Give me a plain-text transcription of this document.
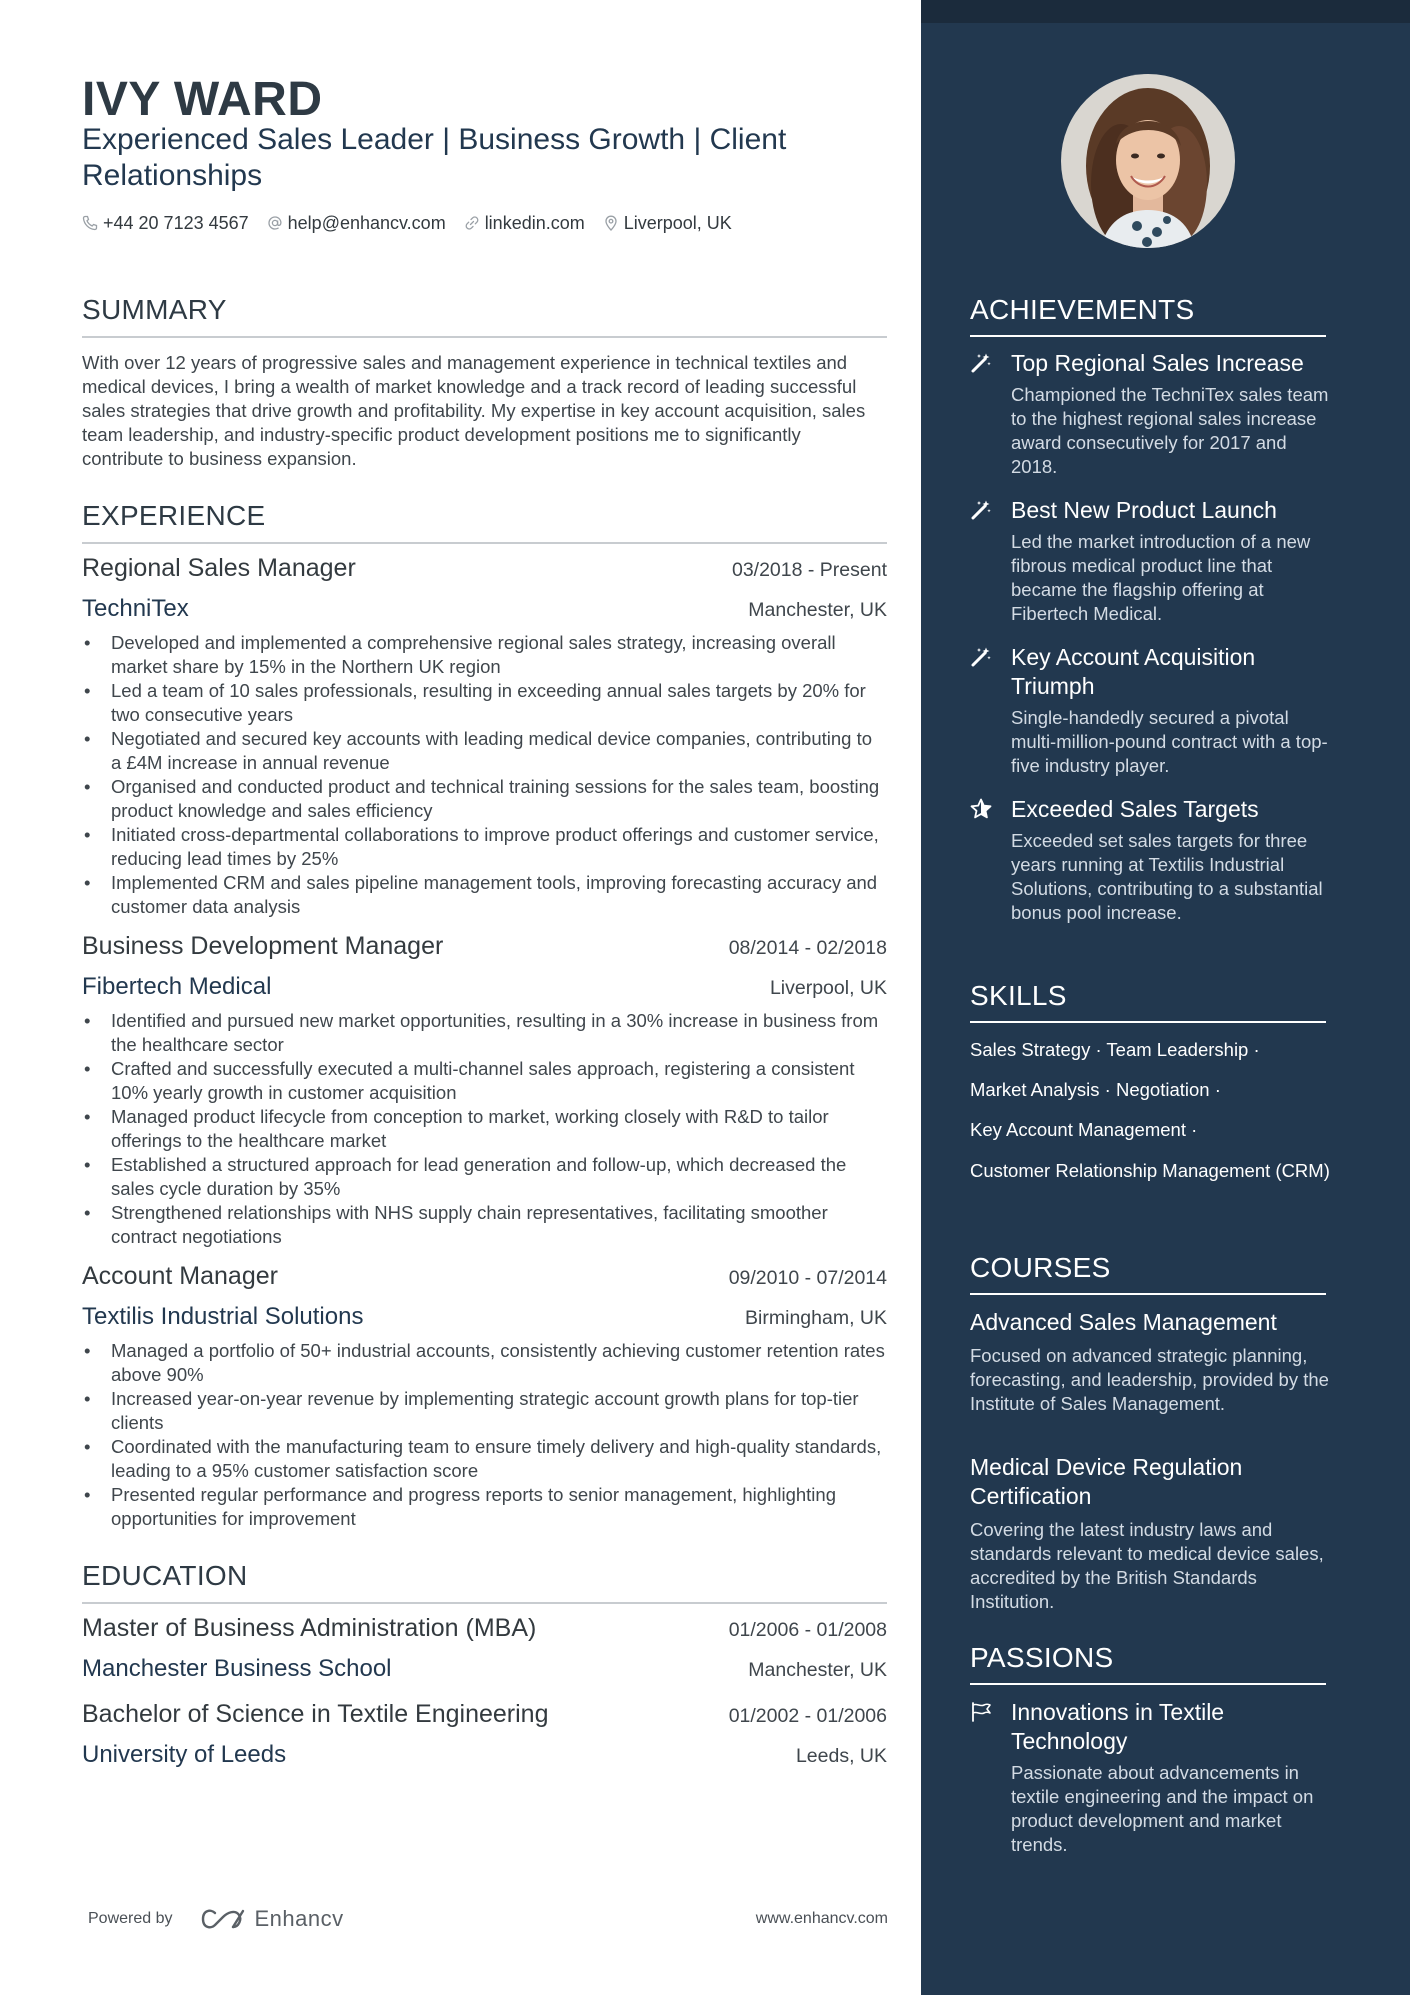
IVY WARD
Experienced Sales Leader | Business Growth | Client Relationships
+44 20 7123 4567 help@enhancv.com linkedin.com Liverpool, UK
SUMMARY
With over 12 years of progressive sales and management experience in technical textiles and medical devices, I bring a wealth of market knowledge and a track record of leading successful sales strategies that drive growth and profitability. My expertise in key account acquisition, sales team leadership, and industry-specific product development positions me to significantly contribute to business expansion.
EXPERIENCE
Regional Sales Manager	03/2018 - Present
TechniTex	Manchester, UK
• Developed and implemented a comprehensive regional sales strategy, increasing overall market share by 15% in the Northern UK region
• Led a team of 10 sales professionals, resulting in exceeding annual sales targets by 20% for two consecutive years
• Negotiated and secured key accounts with leading medical device companies, contributing to a £4M increase in annual revenue
• Organised and conducted product and technical training sessions for the sales team, boosting product knowledge and sales efficiency
• Initiated cross-departmental collaborations to improve product offerings and customer service, reducing lead times by 25%
• Implemented CRM and sales pipeline management tools, improving forecasting accuracy and customer data analysis
Business Development Manager	08/2014 - 02/2018
Fibertech Medical	Liverpool, UK
• Identified and pursued new market opportunities, resulting in a 30% increase in business from the healthcare sector
• Crafted and successfully executed a multi-channel sales approach, registering a consistent 10% yearly growth in customer acquisition
• Managed product lifecycle from conception to market, working closely with R&D to tailor offerings to the healthcare market
• Established a structured approach for lead generation and follow-up, which decreased the sales cycle duration by 35%
• Strengthened relationships with NHS supply chain representatives, facilitating smoother contract negotiations
Account Manager	09/2010 - 07/2014
Textilis Industrial Solutions	Birmingham, UK
• Managed a portfolio of 50+ industrial accounts, consistently achieving customer retention rates above 90%
• Increased year-on-year revenue by implementing strategic account growth plans for top-tier clients
• Coordinated with the manufacturing team to ensure timely delivery and high-quality standards, leading to a 95% customer satisfaction score
• Presented regular performance and progress reports to senior management, highlighting opportunities for improvement
EDUCATION
Master of Business Administration (MBA)	01/2006 - 01/2008
Manchester Business School	Manchester, UK
Bachelor of Science in Textile Engineering	01/2002 - 01/2006
University of Leeds	Leeds, UK
Powered by	Enhancv	www.enhancv.com
ACHIEVEMENTS
Top Regional Sales Increase
Championed the TechniTex sales team to the highest regional sales increase award consecutively for 2017 and 2018.
Best New Product Launch
Led the market introduction of a new fibrous medical product line that became the flagship offering at Fibertech Medical.
Key Account Acquisition Triumph
Single-handedly secured a pivotal multi-million-pound contract with a top-five industry player.
Exceeded Sales Targets
Exceeded set sales targets for three years running at Textilis Industrial Solutions, contributing to a substantial bonus pool increase.
SKILLS
Sales Strategy · Team Leadership ·
Market Analysis · Negotiation ·
Key Account Management ·
Customer Relationship Management (CRM)
COURSES
Advanced Sales Management
Focused on advanced strategic planning, forecasting, and leadership, provided by the Institute of Sales Management.
Medical Device Regulation Certification
Covering the latest industry laws and standards relevant to medical device sales, accredited by the British Standards Institution.
PASSIONS
Innovations in Textile Technology
Passionate about advancements in textile engineering and the impact on product development and market trends.
